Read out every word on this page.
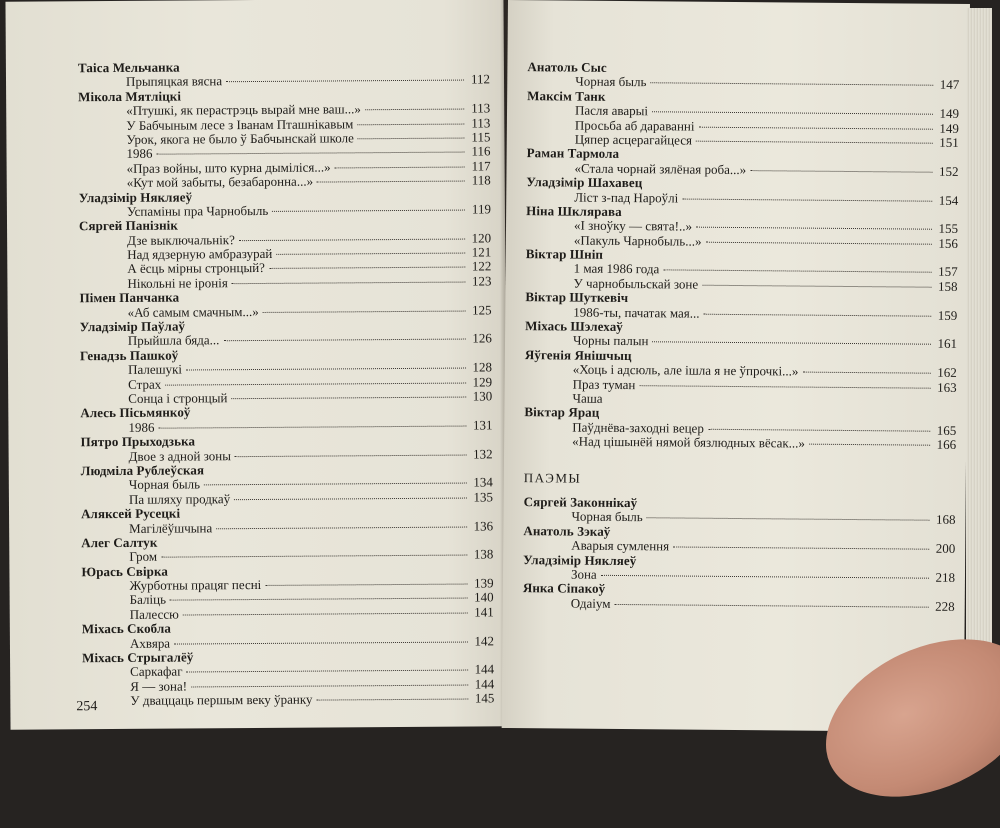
Таіса Мельчанка
Прыпяцкая вясна	112
Мікола Мятліцкі
«Птушкі, як перастрэць вырай мне ваш...»	113
У Бабчыным лесе з Іванам Пташнікавым	113
Урок, якога не было ў Бабчынскай школе	115
1986	116
«Праз войны, што курна дыміліся...»	117
«Кут мой забыты, безабаронна...»	118
Уладзімір Някляеў
Успаміны пра Чарнобыль	119
Сяргей Панізнік
Дзе выключальнік?	120
Над ядзерную амбразурай	121
А ёсць мірны стронцый?	122
Нікольні не іронія	123
Пімен Панчанка
«Аб самым смачным...»	125
Уладзімір Паўлаў
Прыйшла бяда...	126
Генадзь Пашкоў
Палешукі	128
Страх	129
Сонца і стронцый	130
Алесь Пісьмянкоў
1986	131
Пятро Прыходзька
Двое з адной зоны	132
Людміла Рублеўская
Чорная быль	134
Па шляху продкаў	135
Аляксей Русецкі
Магілёўшчына	136
Алег Салтук
Гром	138
Юрась Свірка
Журботны працяг песні	139
Баліць	140
Палессю	141
Міхась Скобла
Ахвяра	142
Міхась Стрыгалёў
Саркафаг	144
Я — зона!	144
У дваццаць першым веку ўранку	145
254
Анатоль Сыс
Чорная быль	147
Максім Танк
Пасля аварыі	149
Просьба аб дараванні	149
Цяпер асцерагайцеся	151
Раман Тармола
«Стала чорнай зялёная роба...»	152
Уладзімір Шахавец
Ліст з-пад Нароўлі	154
Ніна Шклярава
«І зноўку — свята!..»	155
«Пакуль Чарнобыль...»	156
Віктар Шніп
1 мая 1986 года	157
У чарнобыльскай зоне	158
Віктар Шуткевіч
1986-ты, пачатак мая...	159
Міхась Шэлехаў
Чорны палын	161
Яўгенія Янішчыц
«Хоць і адсюль, але ішла я не ўпрочкі...»	162
Праз туман	163
Чаша
Віктар Ярац
Паўднёва-заходні вецер	165
«Над цішынёй нямой бязлюдных вёсак...»	166
ПАЭМЫ
Сяргей Законнікаў
Чорная быль	168
Анатоль Зэкаў
Аварыя сумлення	200
Уладзімір Някляеў
Зона	218
Янка Сіпакоў
Одаіум	228
